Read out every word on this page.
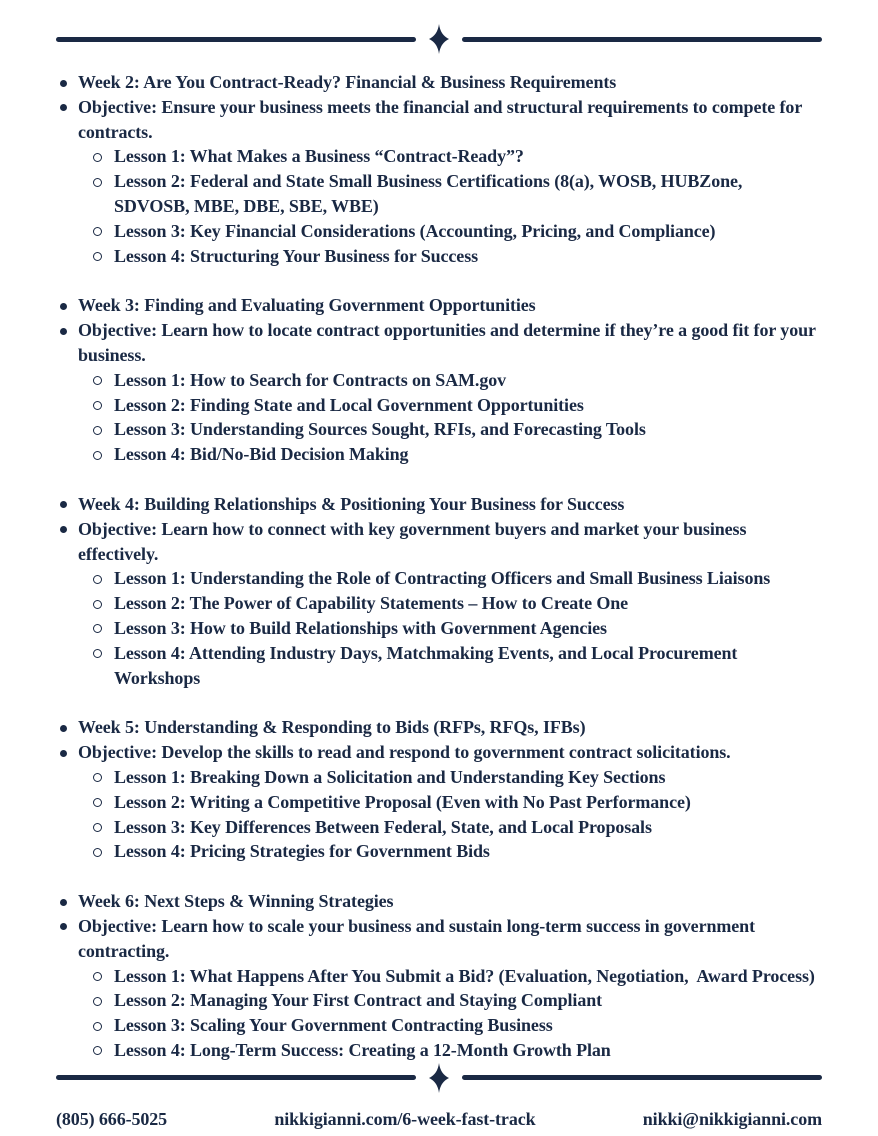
Week 2: Are You Contract-Ready? Financial & Business Requirements
Objective: Ensure your business meets the financial and structural requirements to compete for contracts.
Lesson 1: What Makes a Business “Contract-Ready”?
Lesson 2: Federal and State Small Business Certifications (8(a), WOSB, HUBZone, SDVOSB, MBE, DBE, SBE, WBE)
Lesson 3: Key Financial Considerations (Accounting, Pricing, and Compliance)
Lesson 4: Structuring Your Business for Success
Week 3: Finding and Evaluating Government Opportunities
Objective: Learn how to locate contract opportunities and determine if they’re a good fit for your business.
Lesson 1: How to Search for Contracts on SAM.gov
Lesson 2: Finding State and Local Government Opportunities
Lesson 3: Understanding Sources Sought, RFIs, and Forecasting Tools
Lesson 4: Bid/No-Bid Decision Making
Week 4: Building Relationships & Positioning Your Business for Success
Objective: Learn how to connect with key government buyers and market your business effectively.
Lesson 1: Understanding the Role of Contracting Officers and Small Business Liaisons
Lesson 2: The Power of Capability Statements – How to Create One
Lesson 3: How to Build Relationships with Government Agencies
Lesson 4: Attending Industry Days, Matchmaking Events, and Local Procurement Workshops
Week 5: Understanding & Responding to Bids (RFPs, RFQs, IFBs)
Objective: Develop the skills to read and respond to government contract solicitations.
Lesson 1: Breaking Down a Solicitation and Understanding Key Sections
Lesson 2: Writing a Competitive Proposal (Even with No Past Performance)
Lesson 3: Key Differences Between Federal, State, and Local Proposals
Lesson 4: Pricing Strategies for Government Bids
Week 6: Next Steps & Winning Strategies
Objective: Learn how to scale your business and sustain long-term success in government contracting.
Lesson 1: What Happens After You Submit a Bid? (Evaluation, Negotiation,  Award Process)
Lesson 2: Managing Your First Contract and Staying Compliant
Lesson 3: Scaling Your Government Contracting Business
Lesson 4: Long-Term Success: Creating a 12-Month Growth Plan
(805) 666-5025	nikkigianni.com/6-week-fast-track	nikki@nikkigianni.com
